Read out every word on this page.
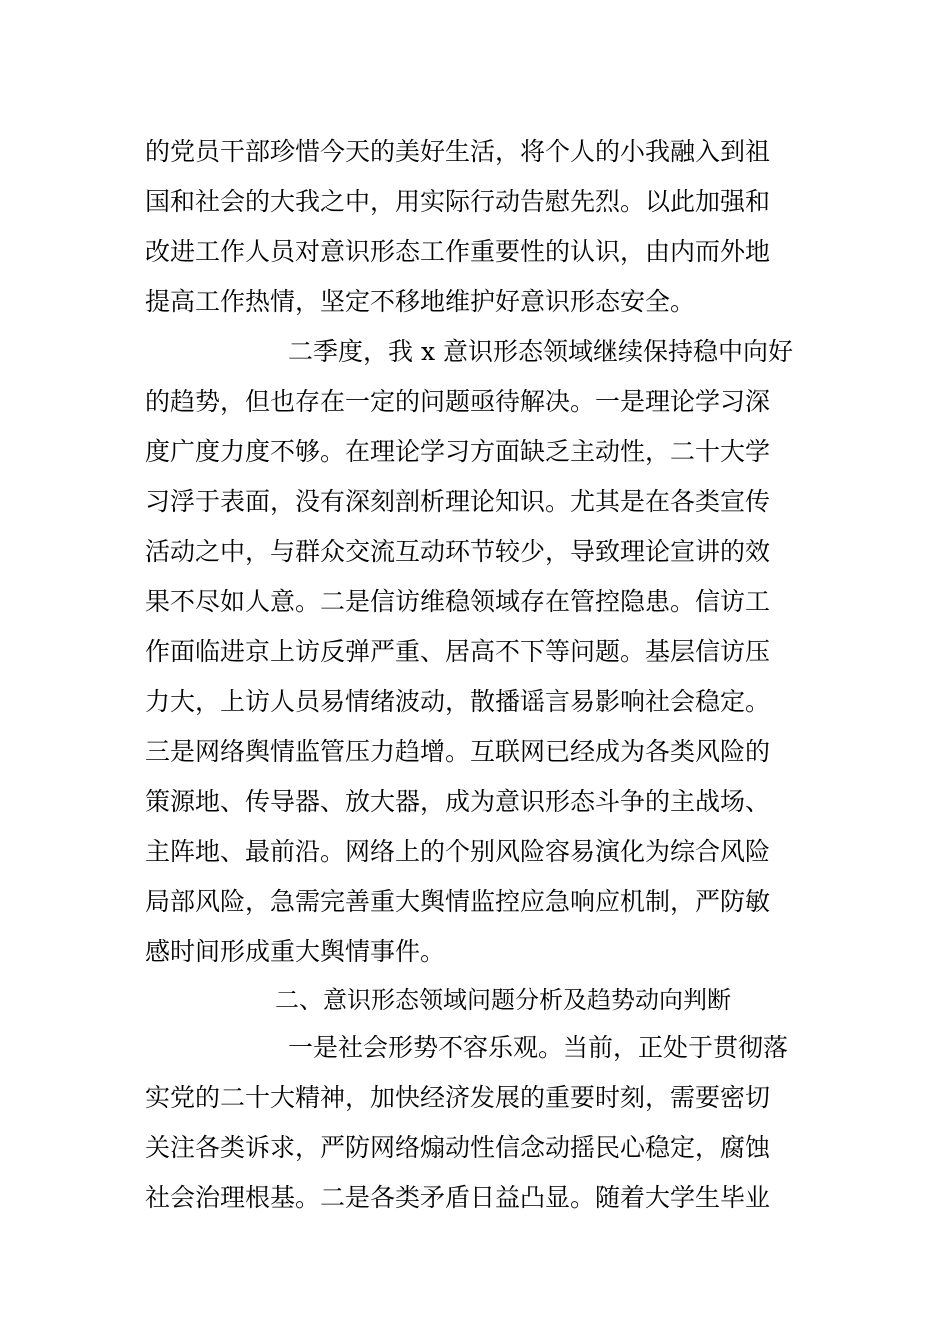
的党员干部珍惜今天的美好生活，将个人的小我融入到祖
国和社会的大我之中，用实际行动告慰先烈。以此加强和
改进工作人员对意识形态工作重要性的认识，由内而外地
提高工作热情，坚定不移地维护好意识形态安全。
二季度，我 x 意识形态领域继续保持稳中向好
的趋势，但也存在一定的问题亟待解决。一是理论学习深
度广度力度不够。在理论学习方面缺乏主动性，二十大学
习浮于表面，没有深刻剖析理论知识。尤其是在各类宣传
活动之中，与群众交流互动环节较少，导致理论宣讲的效
果不尽如人意。二是信访维稳领域存在管控隐患。信访工
作面临进京上访反弹严重、居高不下等问题。基层信访压
力大，上访人员易情绪波动，散播谣言易影响社会稳定。
三是网络舆情监管压力趋增。互联网已经成为各类风险的
策源地、传导器、放大器，成为意识形态斗争的主战场、
主阵地、最前沿。网络上的个别风险容易演化为综合风险
局部风险，急需完善重大舆情监控应急响应机制，严防敏
感时间形成重大舆情事件。
二、意识形态领域问题分析及趋势动向判断
一是社会形势不容乐观。当前，正处于贯彻落
实党的二十大精神，加快经济发展的重要时刻，需要密切
关注各类诉求，严防网络煽动性信念动摇民心稳定，腐蚀
社会治理根基。二是各类矛盾日益凸显。随着大学生毕业
